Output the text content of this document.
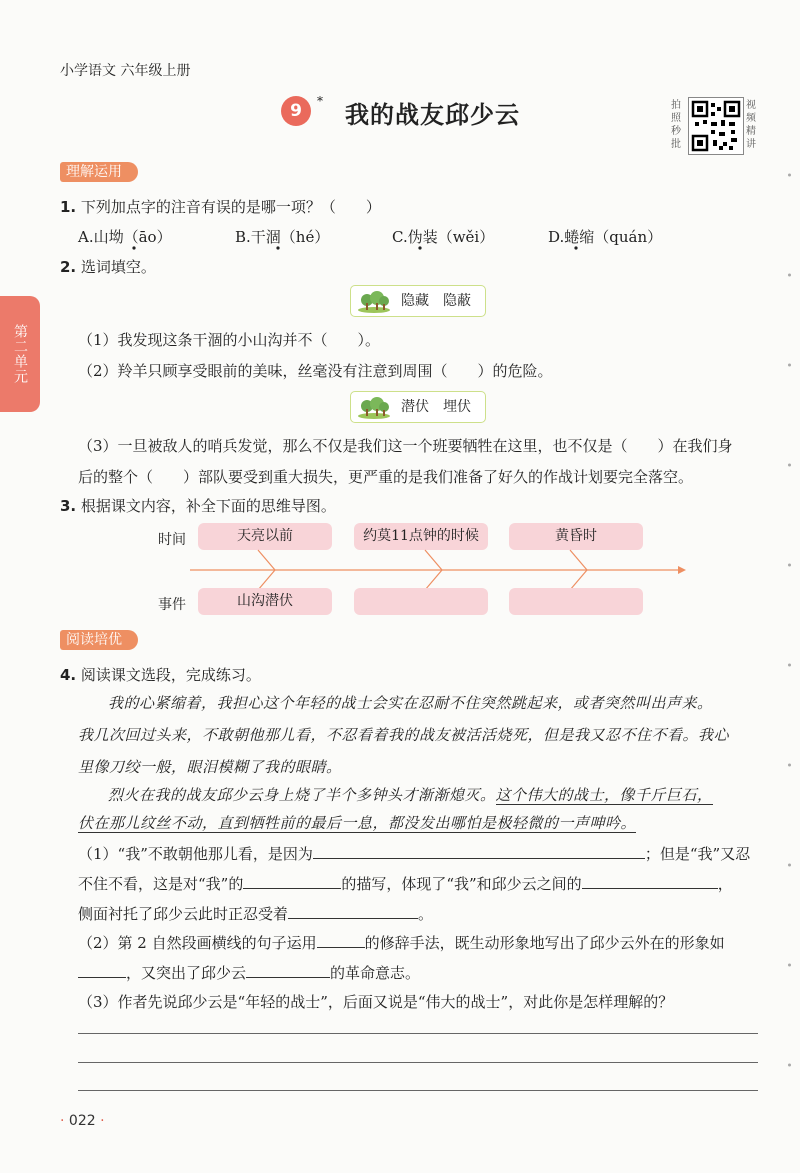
小学语文 六年级上册
9	* 我的战友邱少云	拍照秒批
视频精讲
第二单元
理解运用
1. 下列加点字的注音有误的是哪一项？（　　）
A.山坳（āo）	B.干涸（hé）	C.伪装（wěi）	D.蜷缩（quán）
2. 选词填空。
隐藏　隐蔽
（1）我发现这条干涸的小山沟并不（　　）。
（2）羚羊只顾享受眼前的美味，丝毫没有注意到周围（　　）的危险。
潜伏　埋伏
（3）一旦被敌人的哨兵发觉，那么不仅是我们这一个班要牺牲在这里，也不仅是（　　）在我们身
后的整个（　　）部队要受到重大损失，更严重的是我们准备了好久的作战计划要完全落空。
3. 根据课文内容，补全下面的思维导图。
时间	天亮以前	约莫11点钟的时候	黄昏时
事件	山沟潜伏
阅读培优
4. 阅读课文选段，完成练习。
我的心紧缩着，我担心这个年轻的战士会实在忍耐不住突然跳起来，或者突然叫出声来。
我几次回过头来，不敢朝他那儿看，不忍看着我的战友被活活烧死，但是我又忍不住不看。我心
里像刀绞一般，眼泪模糊了我的眼睛。
烈火在我的战友邱少云身上烧了半个多钟头才渐渐熄灭。这个伟大的战士，像千斤巨石，
伏在那儿纹丝不动，直到牺牲前的最后一息，都没发出哪怕是极轻微的一声呻吟。
（1）“我”不敢朝他那儿看，是因为	；但是“我”又忍
不住不看，这是对“我”的	的描写，体现了“我”和邱少云之间的	，
侧面衬托了邱少云此时正忍受着	。
（2）第 2 自然段画横线的句子运用	的修辞手法，既生动形象地写出了邱少云外在的形象如
，又突出了邱少云	的革命意志。
（3）作者先说邱少云是“年轻的战士”，后面又说是“伟大的战士”，对此你是怎样理解的？
· 022 ·
